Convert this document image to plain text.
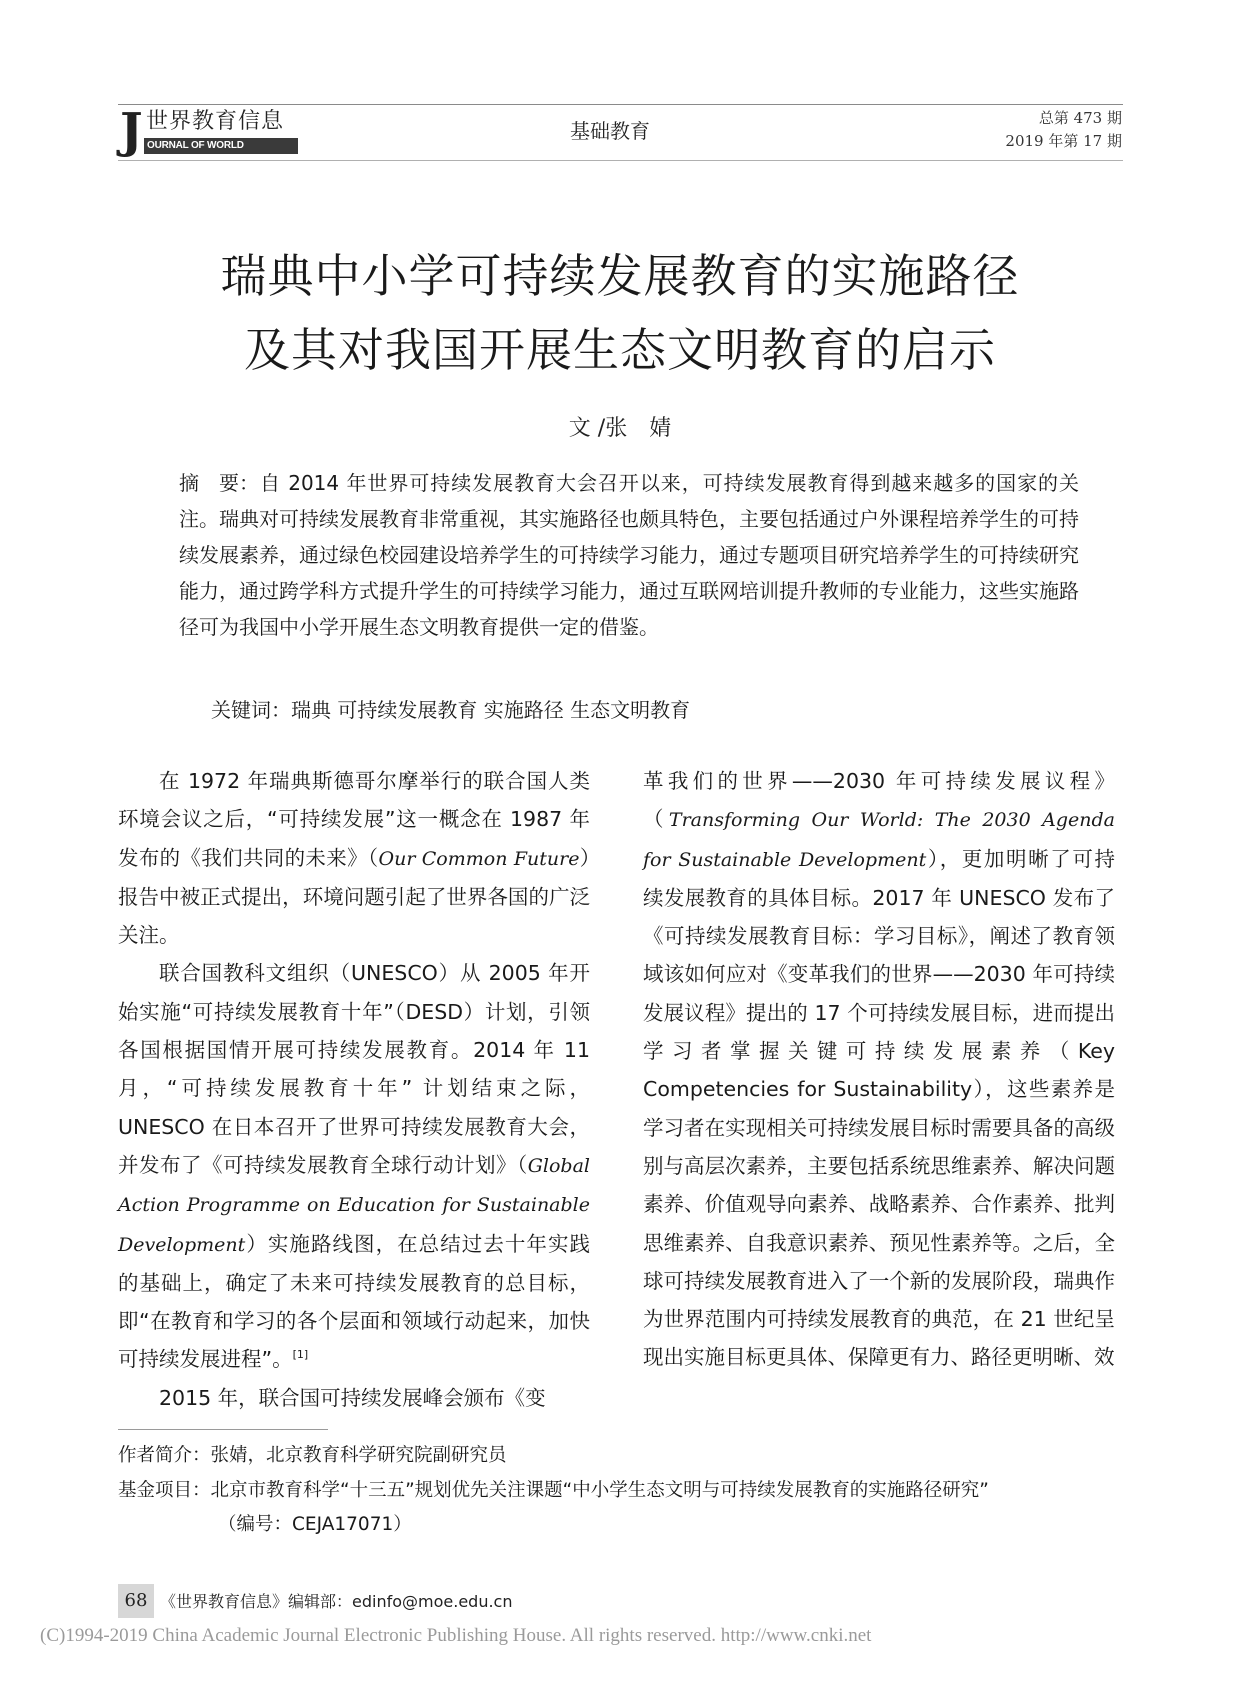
J 世界教育信息
OURNAL OF WORLD EDUCATION
基础教育
总第 473 期
2019 年第 17 期
瑞典中小学可持续发展教育的实施路径
及其对我国开展生态文明教育的启示
文 /张　婧
摘　要：自 2014 年世界可持续发展教育大会召开以来，可持续发展教育得到越来越多的国家的关注。瑞典对可持续发展教育非常重视，其实施路径也颇具特色，主要包括通过户外课程培养学生的可持续发展素养，通过绿色校园建设培养学生的可持续学习能力，通过专题项目研究培养学生的可持续研究能力，通过跨学科方式提升学生的可持续学习能力，通过互联网培训提升教师的专业能力，这些实施路径可为我国中小学开展生态文明教育提供一定的借鉴。
关键词：瑞典 可持续发展教育 实施路径 生态文明教育

在 1972 年瑞典斯德哥尔摩举行的联合国人类环境会议之后，“可持续发展”这一概念在 1987 年发布的《我们共同的未来》（Our Common Future）报告中被正式提出，环境问题引起了世界各国的广泛关注。

联合国教科文组织（UNESCO）从 2005 年开始实施“可持续发展教育十年”（DESD）计划，引领各国根据国情开展可持续发展教育。2014 年 11 月，“可持续发展教育十年” 计划结束之际，UNESCO 在日本召开了世界可持续发展教育大会，并发布了《可持续发展教育全球行动计划》（Global Action Programme on Education for Sustainable Development）实施路线图，在总结过去十年实践的基础上，确定了未来可持续发展教育的总目标，即“在教育和学习的各个层面和领域行动起来，加快可持续发展进程”。[1]

2015 年，联合国可持续发展峰会颁布《变

革我们的世界——2030 年可持续发展议程》（Transforming Our World: The 2030 Agenda for Sustainable Development），更加明晰了可持续发展教育的具体目标。2017 年 UNESCO 发布了《可持续发展教育目标：学习目标》，阐述了教育领域该如何应对《变革我们的世界——2030 年可持续发展议程》提出的 17 个可持续发展目标，进而提出学习者掌握关键可持续发展素养（Key Competencies for Sustainability），这些素养是学习者在实现相关可持续发展目标时需要具备的高级别与高层次素养，主要包括系统思维素养、解决问题素养、价值观导向素养、战略素养、合作素养、批判思维素养、自我意识素养、预见性素养等。之后，全球可持续发展教育进入了一个新的发展阶段，瑞典作为世界范围内可持续发展教育的典范，在 21 世纪呈现出实施目标更具体、保障更有力、路径更明晰、效

作者简介：张婧，北京教育科学研究院副研究员
基金项目：北京市教育科学“十三五”规划优先关注课题“中小学生态文明与可持续发展教育的实施路径研究”
（编号：CEJA17071）
68 《世界教育信息》编辑部：edinfo@moe.edu.cn
(C)1994-2019 China Academic Journal Electronic Publishing House. All rights reserved. http://www.cnki.net
